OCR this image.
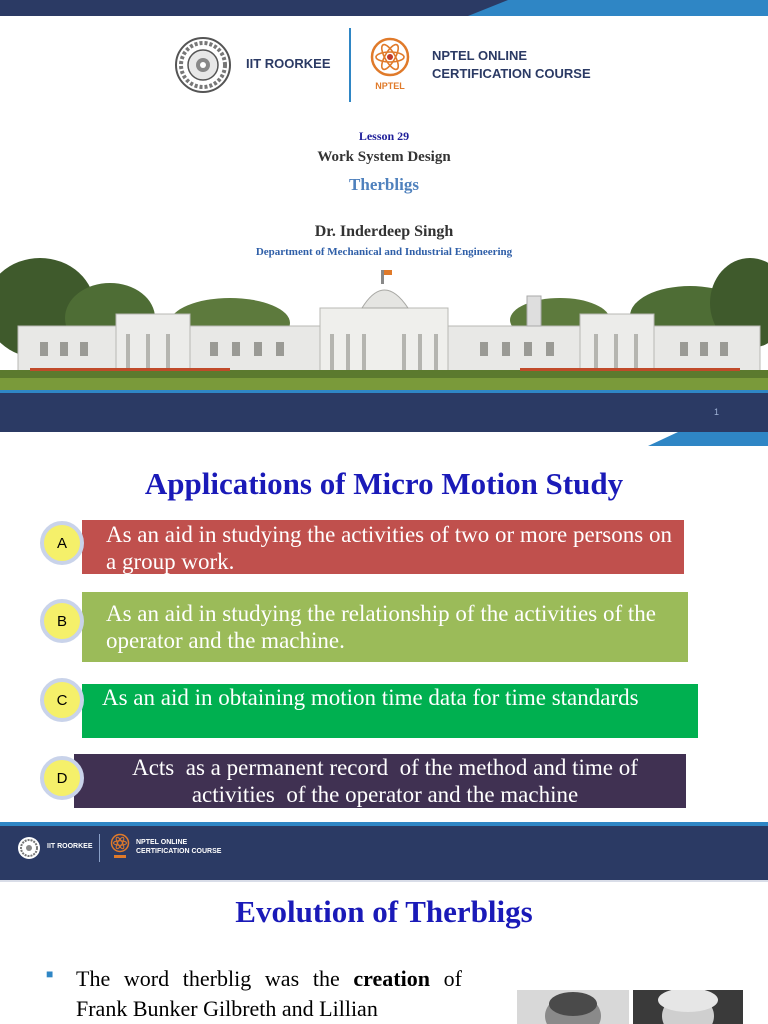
IIT ROORKEE
NPTEL
NPTEL ONLINE
CERTIFICATION COURSE
Lesson 29
Work System Design
Therbligs
Dr. Inderdeep Singh
Department of Mechanical and Industrial Engineering
1
Applications of Micro Motion Study
As an aid in studying the activities of two or more persons on a group work.
A
As an aid in studying the relationship of the activities of the operator and the machine.
B
As an aid in obtaining motion time data for time standards
C
Acts  as a permanent record  of the method and time of
activities  of the operator and the machine
D
IIT ROORKEE
NPTEL ONLINE
CERTIFICATION COURSE
Evolution of Therbligs
■ The word therblig was the creation of Frank Bunker Gilbreth and Lillian
